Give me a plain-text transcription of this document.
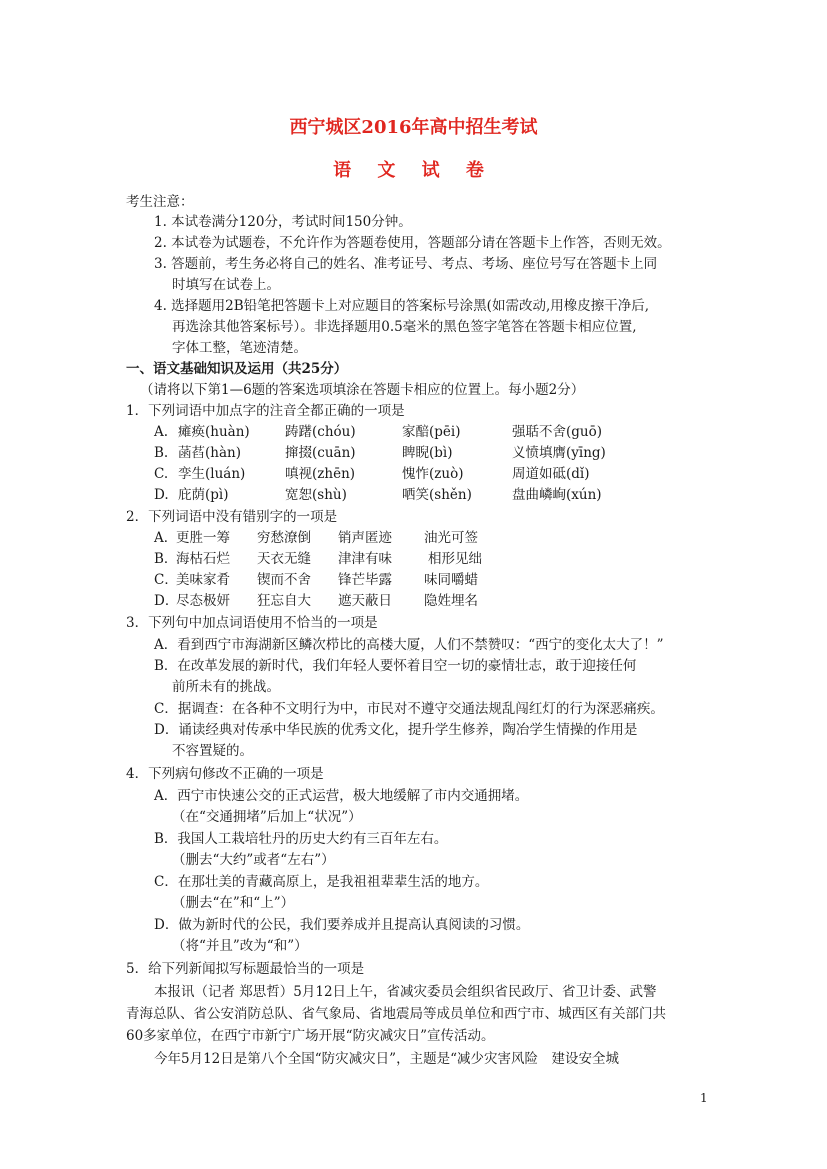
西宁城区2016年高中招生考试
语 文 试 卷
考生注意：
1. 本试卷满分120分，考试时间150分钟。
2. 本试卷为试题卷，不允许作为答题卷使用，答题部分请在答题卡上作答，否则无效。
3. 答题前，考生务必将自己的姓名、准考证号、考点、考场、座位号写在答题卡上同
时填写在试卷上。
4. 选择题用2B铅笔把答题卡上对应题目的答案标号涂黑(如需改动,用橡皮擦干净后,
再选涂其他答案标号）。非选择题用0.5毫米的黑色签字笔答在答题卡相应位置,
字体工整，笔迹清楚。
一、语文基础知识及运用（共25分）
（请将以下第1—6题的答案选项填涂在答题卡相应的位置上。每小题2分）
1．下列词语中加点字的注音全都正确的一项是
A. 瘫痪(huàn)	踌躇(chóu)	家醅(pēi)	强聒不舍(guō)
B. 菡萏(hàn)	撺掇(cuān)	睥睨(bì)	义愤填膺(yīng)
C. 孪生(luán)	嗔视(zhēn)	愧怍(zuò)	周道如砥(dǐ)
D. 庇荫(pì)	宽恕(shù)	哂笑(shěn)	盘曲嶙峋(xún)
2．下列词语中没有错别字的一项是
A．
更胜一筹 穷愁潦倒 销声匿迹 油光可签
B．
海枯石烂 天衣无缝 津津有味	相形见绌
C．
美味家肴 锲而不舍 锋芒毕露 味同嚼蜡
D．
尽态极妍 狂忘自大 遮天蔽日 隐姓埋名
3．下列句中加点词语使用不恰当的一项是
A．看到西宁市海湖新区鳞次栉比的高楼大厦，人们不禁赞叹：“西宁的变化太大了！”
B．在改革发展的新时代，我们年轻人要怀着目空一切的豪情壮志，敢于迎接任何
前所未有的挑战。
C．据调查：在各种不文明行为中，市民对不遵守交通法规乱闯红灯的行为深恶痛疾。
D．诵读经典对传承中华民族的优秀文化，提升学生修养，陶冶学生情操的作用是
不容置疑的。
4．下列病句修改不正确的一项是
A．西宁市快速公交的正式运营，极大地缓解了市内交通拥堵。
（在“交通拥堵”后加上“状况”）
B．我国人工栽培牡丹的历史大约有三百年左右。
（删去“大约”或者“左右”）
C．在那壮美的青藏高原上，是我祖祖辈辈生活的地方。
（删去“在”和“上”）
D．做为新时代的公民，我们要养成并且提高认真阅读的习惯。
（将“并且”改为“和”）
5．给下列新闻拟写标题最恰当的一项是
本报讯（记者 郑思哲）5月12日上午，省减灾委员会组织省民政厅、省卫计委、武警
青海总队、省公安消防总队、省气象局、省地震局等成员单位和西宁市、城西区有关部门共
60多家单位，在西宁市新宁广场开展“防灾减灾日”宣传活动。
今年5月12日是第八个全国“防灾减灾日”，主题是“减少灾害风险　建设安全城
1
